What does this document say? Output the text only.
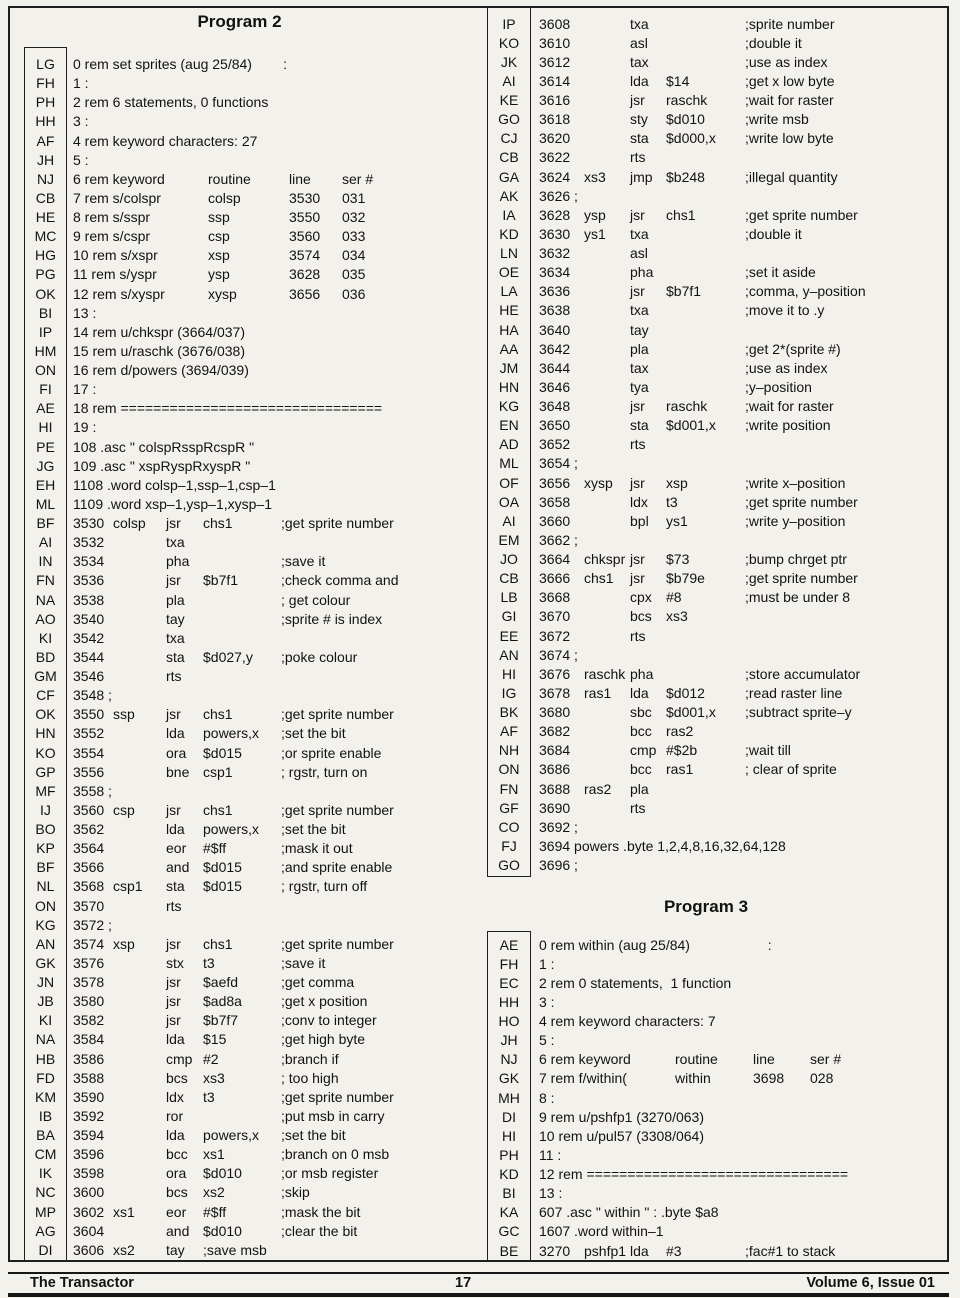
Program 2
Program 3
LG	0 rem set sprites (aug 25/84)        :
FH	1 :
PH	2 rem 6 statements, 0 functions
HH	3 :
AF	4 rem keyword characters: 27
JH	5 :
NJ	6 rem keyword	routine	line ser #
CB	7 rem s/colspr	colsp	3530 031
HE	8 rem s/sspr	ssp	3550 032
MC	9 rem s/cspr	csp	3560 033
HG	10 rem s/xspr	xsp	3574 034
PG	11 rem s/yspr	ysp	3628 035
OK	12 rem s/xyspr	xysp	3656 036
BI	13 :
IP	14 rem u/chkspr (3664/037)
HM	15 rem u/raschk (3676/038)
ON	16 rem d/powers (3694/039)
FI	17 :
AE	18 rem ================================
HI	19 :
PE	108 .asc " colspRsspRcspR "
JG	109 .asc " xspRyspRxyspR "
EH	1108 .word colsp–1,ssp–1,csp–1
ML	1109 .word xsp–1,ysp–1,xysp–1
BF	3530 colsp jsr chs1	;get sprite number
AI	3532	txa
IN	3534	pha	;save it
FN	3536	jsr $b7f1	;check comma and
NA	3538	pla	; get colour
AO	3540	tay	;sprite # is index
KI	3542	txa
BD	3544	sta $d027,y ;poke colour
GM	3546	rts
CF	3548 ;
OK	3550 ssp jsr chs1	;get sprite number
HN	3552	lda powers,x ;set the bit
KO	3554	ora $d015	;or sprite enable
GP	3556	bne csp1	; rgstr, turn on
MF	3558 ;
IJ	3560 csp jsr chs1	;get sprite number
BO	3562	lda powers,x ;set the bit
KP	3564	eor #$ff	;mask it out
BF	3566	and $d015	;and sprite enable
NL	3568 csp1 sta $d015	; rgstr, turn off
ON	3570	rts
KG	3572 ;
AN	3574 xsp jsr chs1	;get sprite number
GK	3576	stx t3	;save it
JN	3578	jsr $aefd	;get comma
JB	3580	jsr $ad8a	;get x position
KI	3582	jsr $b7f7	;conv to integer
NA	3584	lda $15	;get high byte
HB	3586	cmp #2	;branch if
FD	3588	bcs xs3	; too high
KM	3590	ldx t3	;get sprite number
IB	3592	ror	;put msb in carry
BA	3594	lda powers,x ;set the bit
CM	3596	bcc xs1	;branch on 0 msb
IK	3598	ora $d010	;or msb register
NC	3600	bcs xs2	;skip
MP	3602 xs1 eor #$ff	;mask the bit
AG	3604	and $d010	;clear the bit
DI	3606 xs2 tay ;save msb
IP	3608	txa	;sprite number
KO	3610	asl	;double it
JK	3612	tax	;use as index
AI	3614	lda $14	;get x low byte
KE	3616	jsr raschk	;wait for raster
GO	3618	sty $d010	;write msb
CJ	3620	sta $d000,x ;write low byte
CB	3622	rts
GA	3624 xs3 jmp $b248	;illegal quantity
AK	3626 ;
IA	3628 ysp jsr chs1	;get sprite number
KD	3630 ys1 txa	;double it
LN	3632	asl
OE	3634	pha	;set it aside
LA	3636	jsr $b7f1	;comma, y–position
HE	3638	txa	;move it to .y
HA	3640	tay
AA	3642	pla	;get 2*(sprite #)
JM	3644	tax	;use as index
HN	3646	tya	;y–position
KG	3648	jsr raschk	;wait for raster
EN	3650	sta $d001,x ;write position
AD	3652	rts
ML	3654 ;
OF	3656 xysp jsr xsp	;write x–position
OA	3658	ldx t3	;get sprite number
AI	3660	bpl ys1	;write y–position
EM	3662 ;
JO	3664 chkspr jsr $73	;bump chrget ptr
CB	3666 chs1 jsr $b79e	;get sprite number
LB	3668	cpx #8	;must be under 8
GI	3670	bcs xs3
EE	3672	rts
AN	3674 ;
HI	3676 raschk pha	;store accumulator
IG	3678 ras1 lda $d012	;read raster line
BK	3680	sbc $d001,x ;subtract sprite–y
AF	3682	bcc ras2
NH	3684	cmp #$2b	;wait till
ON	3686	bcc ras1	; clear of sprite
FN	3688 ras2 pla
GF	3690	rts
CO	3692 ;
FJ	3694 powers .byte 1,2,4,8,16,32,64,128
GO	3696 ;
AE	0 rem within (aug 25/84)                    :
FH	1 :
EC	2 rem 0 statements,  1 function
HH	3 :
HO	4 rem keyword characters: 7
JH	5 :
NJ	6 rem keyword	routine	line	ser #
GK	7 rem f/within(	within	3698 028
MH	8 :
DI	9 rem u/pshfp1 (3270/063)
HI	10 rem u/pul57 (3308/064)
PH	11 :
KD	12 rem ================================
BI	13 :
KA	607 .asc " within " : .byte $a8
GC	1607 .word within–1
BE	3270 pshfp1 lda #3	;fac#1 to stack
The Transactor	17	Volume 6, Issue 01
